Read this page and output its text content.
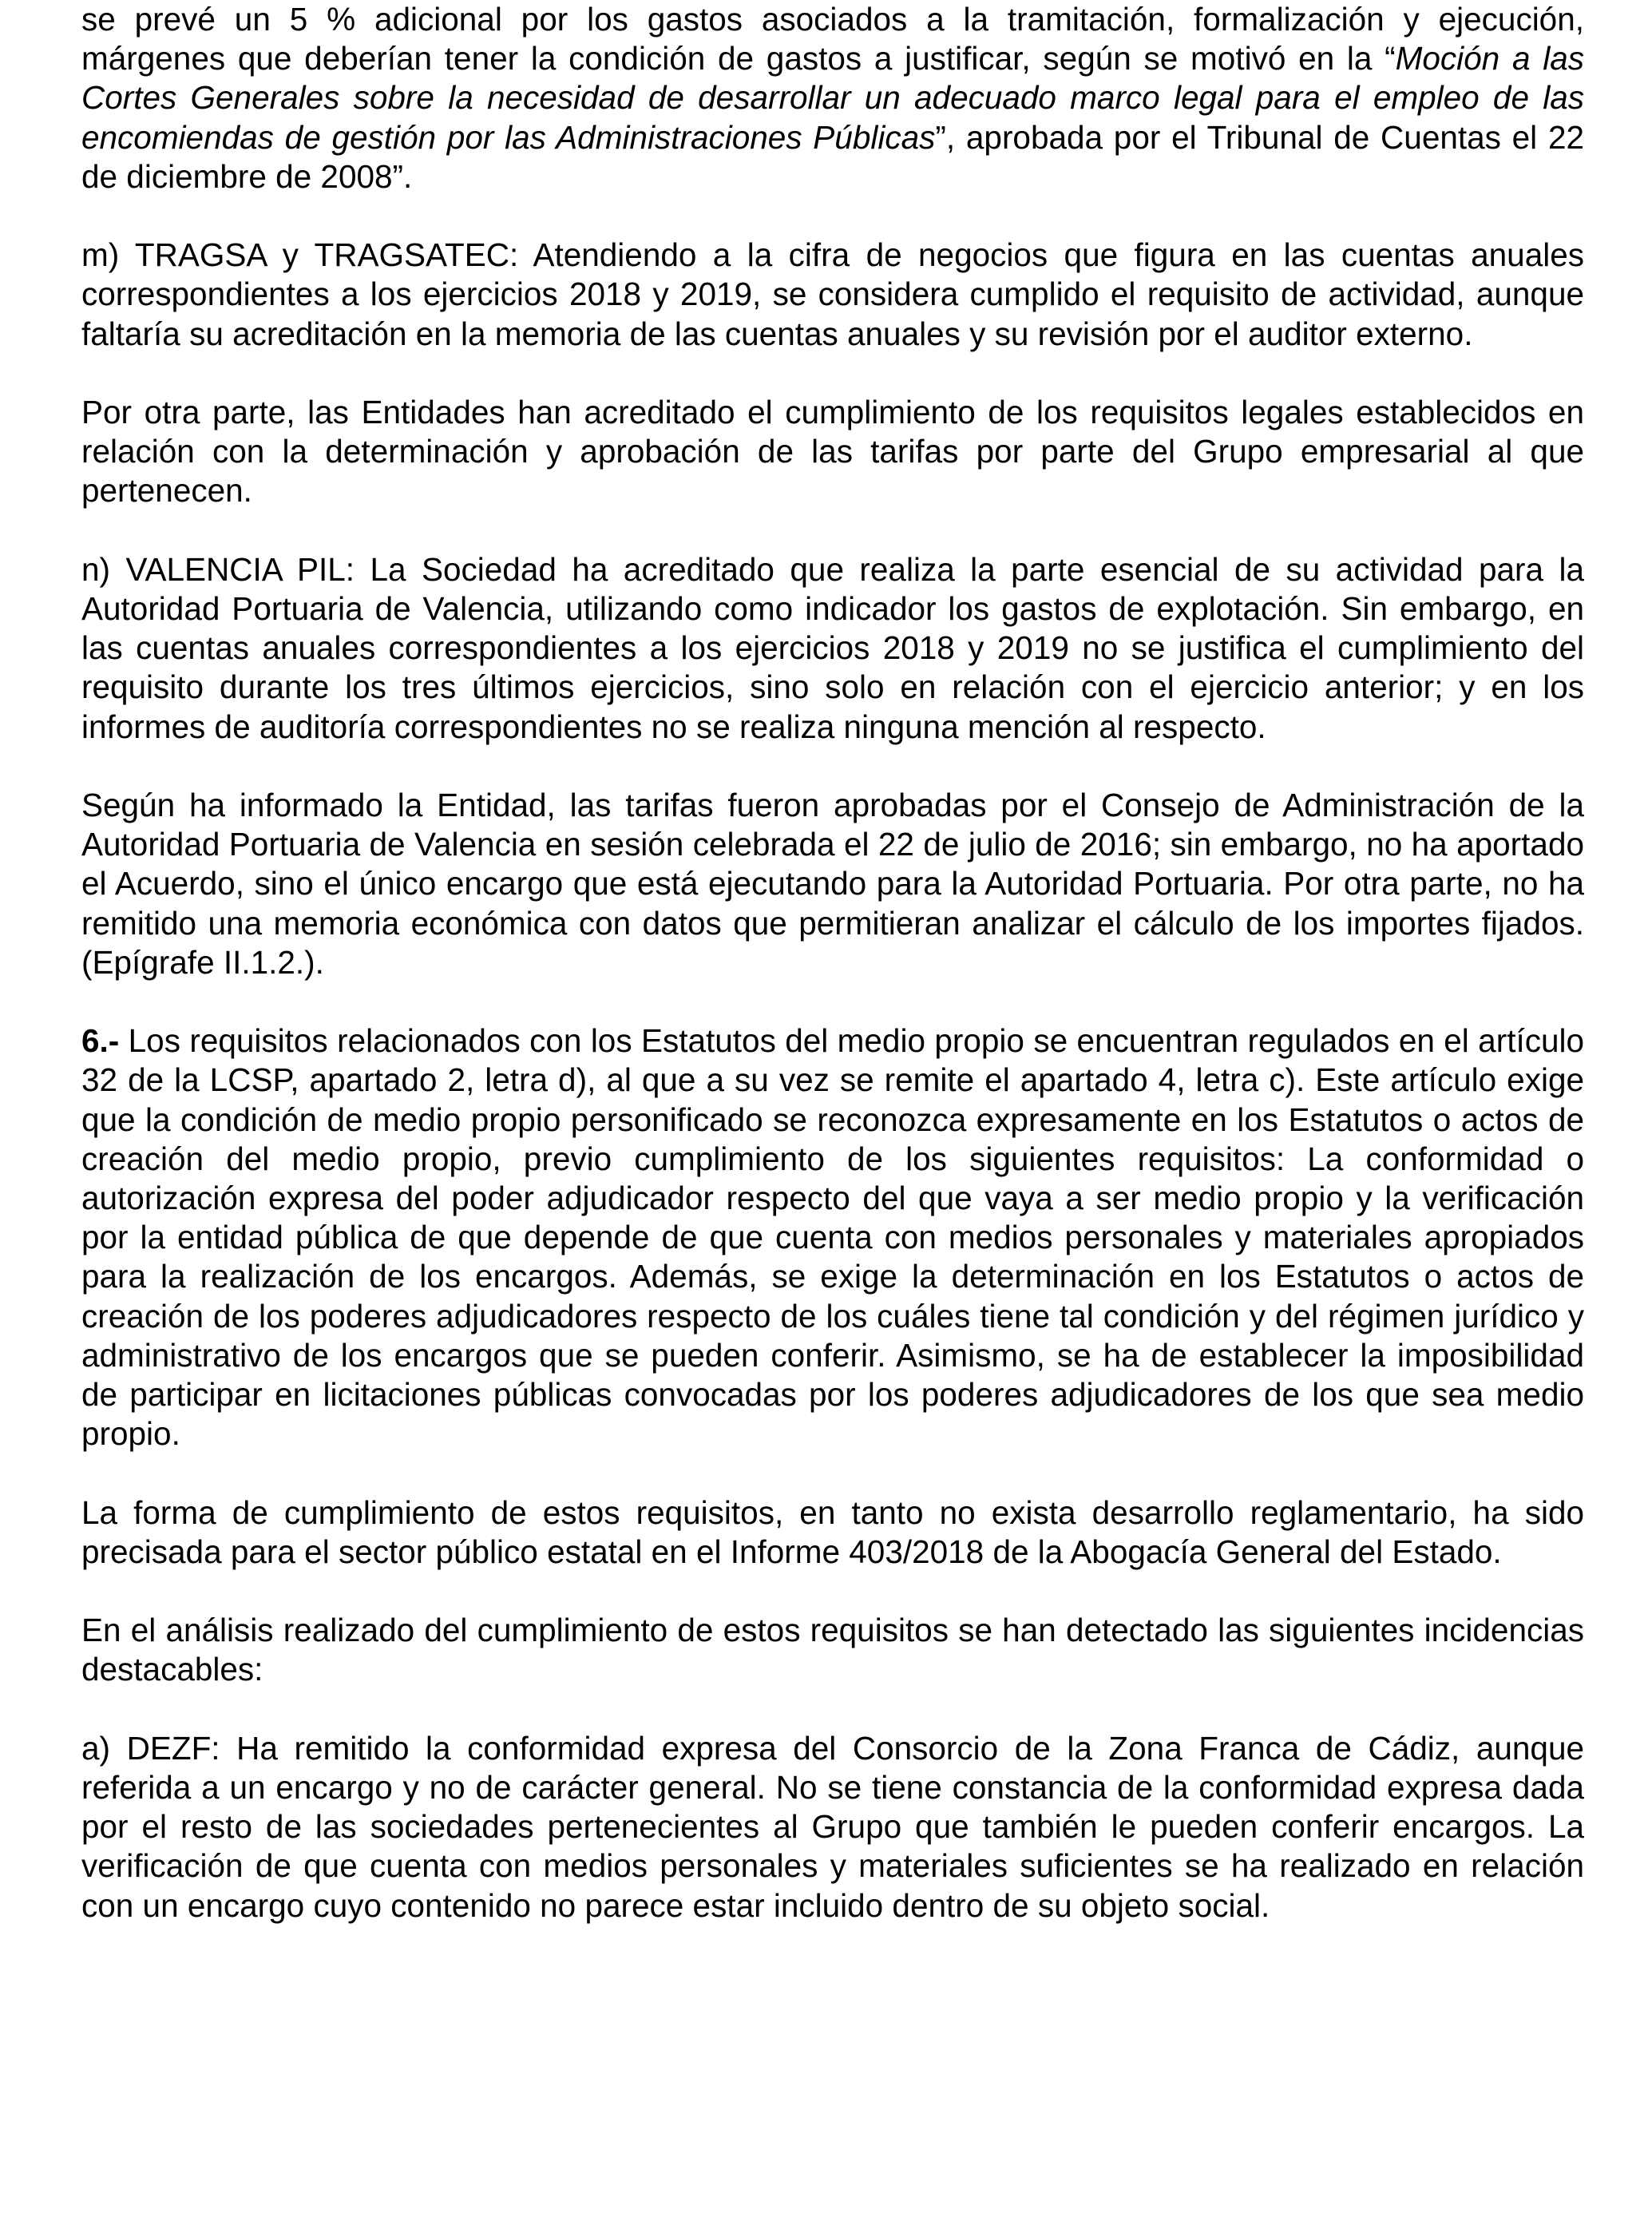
se prevé un 5 % adicional por los gastos asociados a la tramitación, formalización y ejecución, márgenes que deberían tener la condición de gastos a justificar, según se motivó en la “Moción a las Cortes Generales sobre la necesidad de desarrollar un adecuado marco legal para el empleo de las encomiendas de gestión por las Administraciones Públicas”, aprobada por el Tribunal de Cuentas el 22 de diciembre de 2008”.

m) TRAGSA y TRAGSATEC: Atendiendo a la cifra de negocios que figura en las cuentas anuales correspondientes a los ejercicios 2018 y 2019, se considera cumplido el requisito de actividad, aunque faltaría su acreditación en la memoria de las cuentas anuales y su revisión por el auditor externo.

Por otra parte, las Entidades han acreditado el cumplimiento de los requisitos legales establecidos en relación con la determinación y aprobación de las tarifas por parte del Grupo empresarial al que pertenecen.

n) VALENCIA PIL: La Sociedad ha acreditado que realiza la parte esencial de su actividad para la Autoridad Portuaria de Valencia, utilizando como indicador los gastos de explotación. Sin embargo, en las cuentas anuales correspondientes a los ejercicios 2018 y 2019 no se justifica el cumplimiento del requisito durante los tres últimos ejercicios, sino solo en relación con el ejercicio anterior; y en los informes de auditoría correspondientes no se realiza ninguna mención al respecto.

Según ha informado la Entidad, las tarifas fueron aprobadas por el Consejo de Administración de la Autoridad Portuaria de Valencia en sesión celebrada el 22 de julio de 2016; sin embargo, no ha aportado el Acuerdo, sino el único encargo que está ejecutando para la Autoridad Portuaria. Por otra parte, no ha remitido una memoria económica con datos que permitieran analizar el cálculo de los importes fijados. (Epígrafe II.1.2.).

6.- Los requisitos relacionados con los Estatutos del medio propio se encuentran regulados en el artículo 32 de la LCSP, apartado 2, letra d), al que a su vez se remite el apartado 4, letra c). Este artículo exige que la condición de medio propio personificado se reconozca expresamente en los Estatutos o actos de creación del medio propio, previo cumplimiento de los siguientes requisitos: La conformidad o autorización expresa del poder adjudicador respecto del que vaya a ser medio propio y la verificación por la entidad pública de que depende de que cuenta con medios personales y materiales apropiados para la realización de los encargos. Además, se exige la determinación en los Estatutos o actos de creación de los poderes adjudicadores respecto de los cuáles tiene tal condición y del régimen jurídico y administrativo de los encargos que se pueden conferir. Asimismo, se ha de establecer la imposibilidad de participar en licitaciones públicas convocadas por los poderes adjudicadores de los que sea medio propio.

La forma de cumplimiento de estos requisitos, en tanto no exista desarrollo reglamentario, ha sido precisada para el sector público estatal en el Informe 403/2018 de la Abogacía General del Estado.

En el análisis realizado del cumplimiento de estos requisitos se han detectado las siguientes incidencias destacables:

a) DEZF: Ha remitido la conformidad expresa del Consorcio de la Zona Franca de Cádiz, aunque referida a un encargo y no de carácter general. No se tiene constancia de la conformidad expresa dada por el resto de las sociedades pertenecientes al Grupo que también le pueden conferir encargos. La verificación de que cuenta con medios personales y materiales suficientes se ha realizado en relación con un encargo cuyo contenido no parece estar incluido dentro de su objeto social.
